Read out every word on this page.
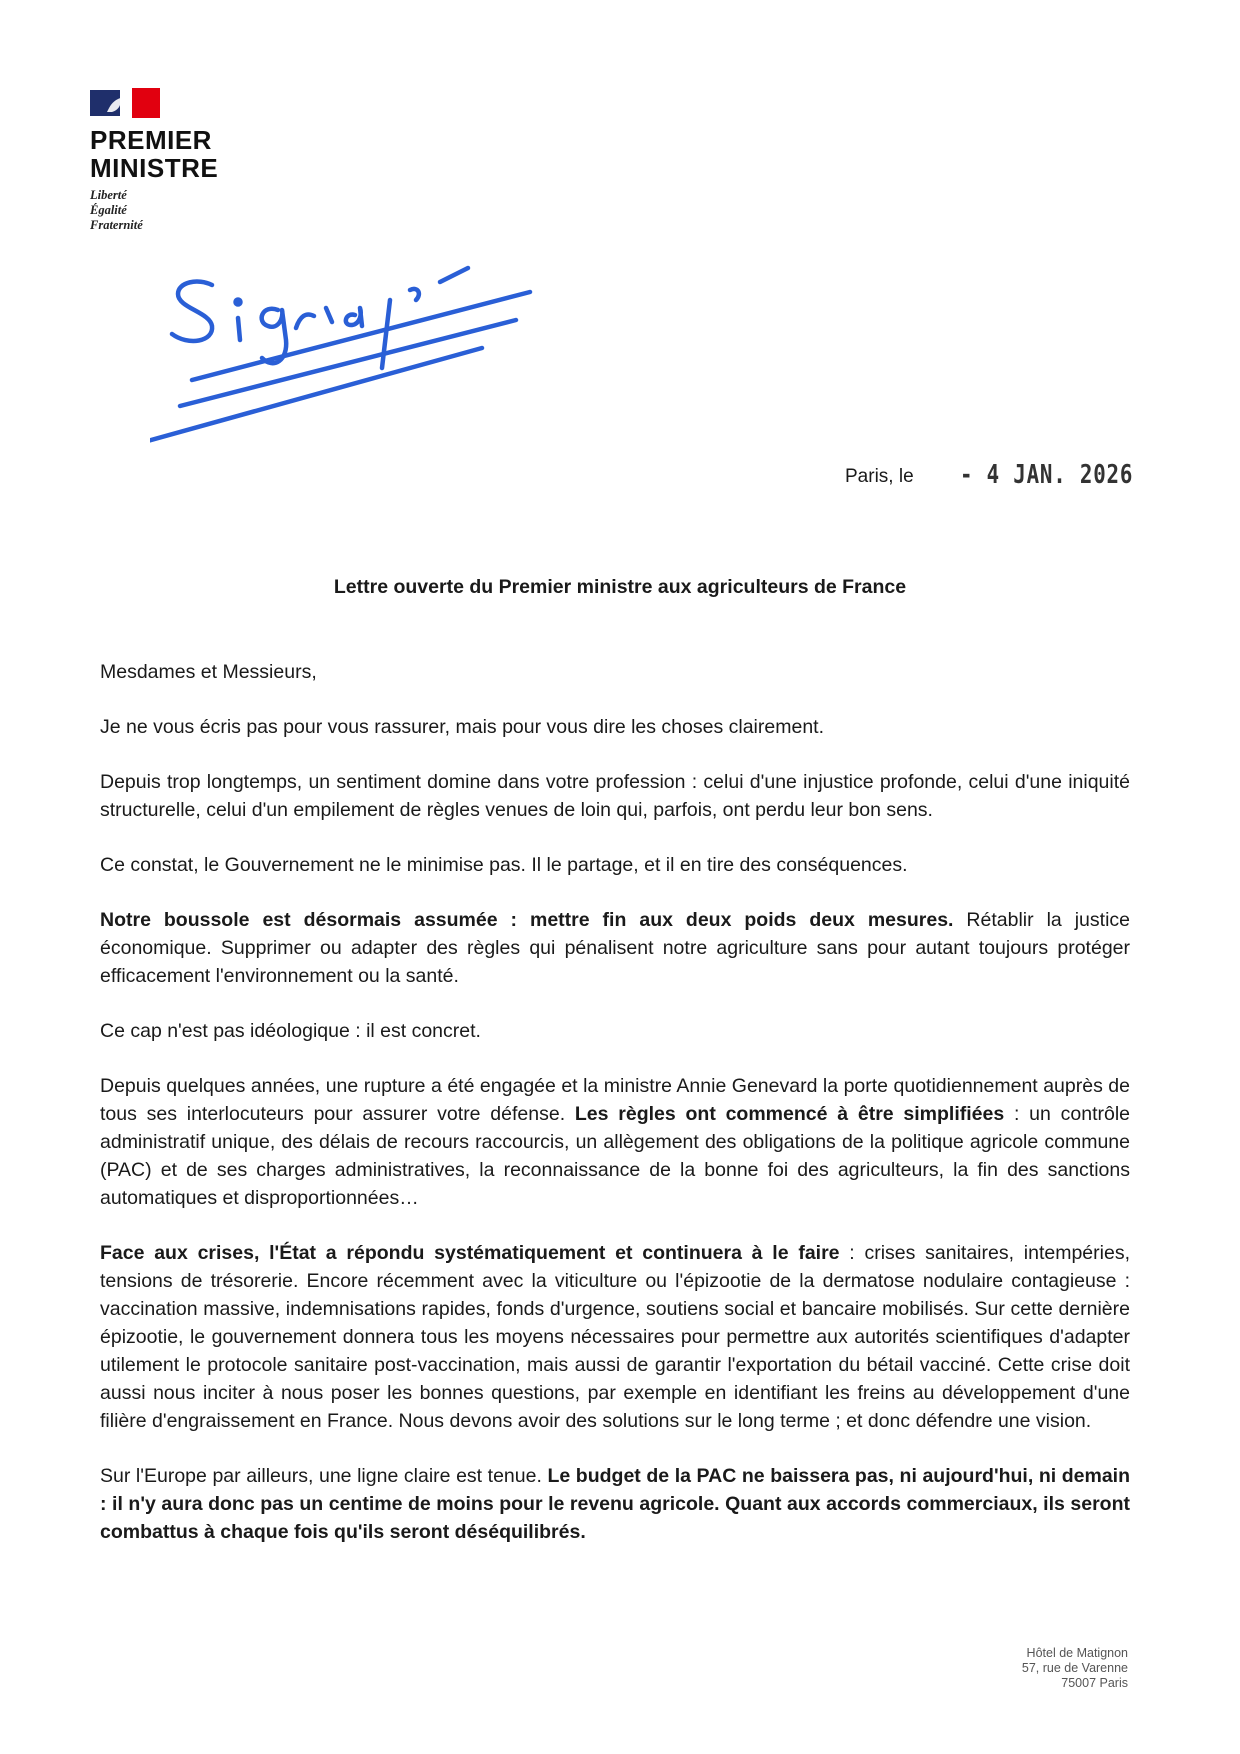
PREMIER
MINISTRE
Liberté
Égalité
Fraternité
Paris, le - 4 JAN. 2026
Lettre ouverte du Premier ministre aux agriculteurs de France

Mesdames et Messieurs,

Je ne vous écris pas pour vous rassurer, mais pour vous dire les choses clairement.

Depuis trop longtemps, un sentiment domine dans votre profession : celui d'une injustice profonde, celui d'une iniquité structurelle, celui d'un empilement de règles venues de loin qui, parfois, ont perdu leur bon sens.

Ce constat, le Gouvernement ne le minimise pas. Il le partage, et il en tire des conséquences.

Notre boussole est désormais assumée : mettre fin aux deux poids deux mesures. Rétablir la justice économique. Supprimer ou adapter des règles qui pénalisent notre agriculture sans pour autant toujours protéger efficacement l'environnement ou la santé.

Ce cap n'est pas idéologique : il est concret.

Depuis quelques années, une rupture a été engagée et la ministre Annie Genevard la porte quotidiennement auprès de tous ses interlocuteurs pour assurer votre défense. Les règles ont commencé à être simplifiées : un contrôle administratif unique, des délais de recours raccourcis, un allègement des obligations de la politique agricole commune (PAC) et de ses charges administratives, la reconnaissance de la bonne foi des agriculteurs, la fin des sanctions automatiques et disproportionnées…

Face aux crises, l'État a répondu systématiquement et continuera à le faire : crises sanitaires, intempéries, tensions de trésorerie. Encore récemment avec la viticulture ou l'épizootie de la dermatose nodulaire contagieuse : vaccination massive, indemnisations rapides, fonds d'urgence, soutiens social et bancaire mobilisés. Sur cette dernière épizootie, le gouvernement donnera tous les moyens nécessaires pour permettre aux autorités scientifiques d'adapter utilement le protocole sanitaire post-vaccination, mais aussi de garantir l'exportation du bétail vacciné. Cette crise doit aussi nous inciter à nous poser les bonnes questions, par exemple en identifiant les freins au développement d'une filière d'engraissement en France. Nous devons avoir des solutions sur le long terme ; et donc défendre une vision.

Sur l'Europe par ailleurs, une ligne claire est tenue. Le budget de la PAC ne baissera pas, ni aujourd'hui, ni demain : il n'y aura donc pas un centime de moins pour le revenu agricole. Quant aux accords commerciaux, ils seront combattus à chaque fois qu'ils seront déséquilibrés.

Hôtel de Matignon
57, rue de Varenne
75007 Paris
